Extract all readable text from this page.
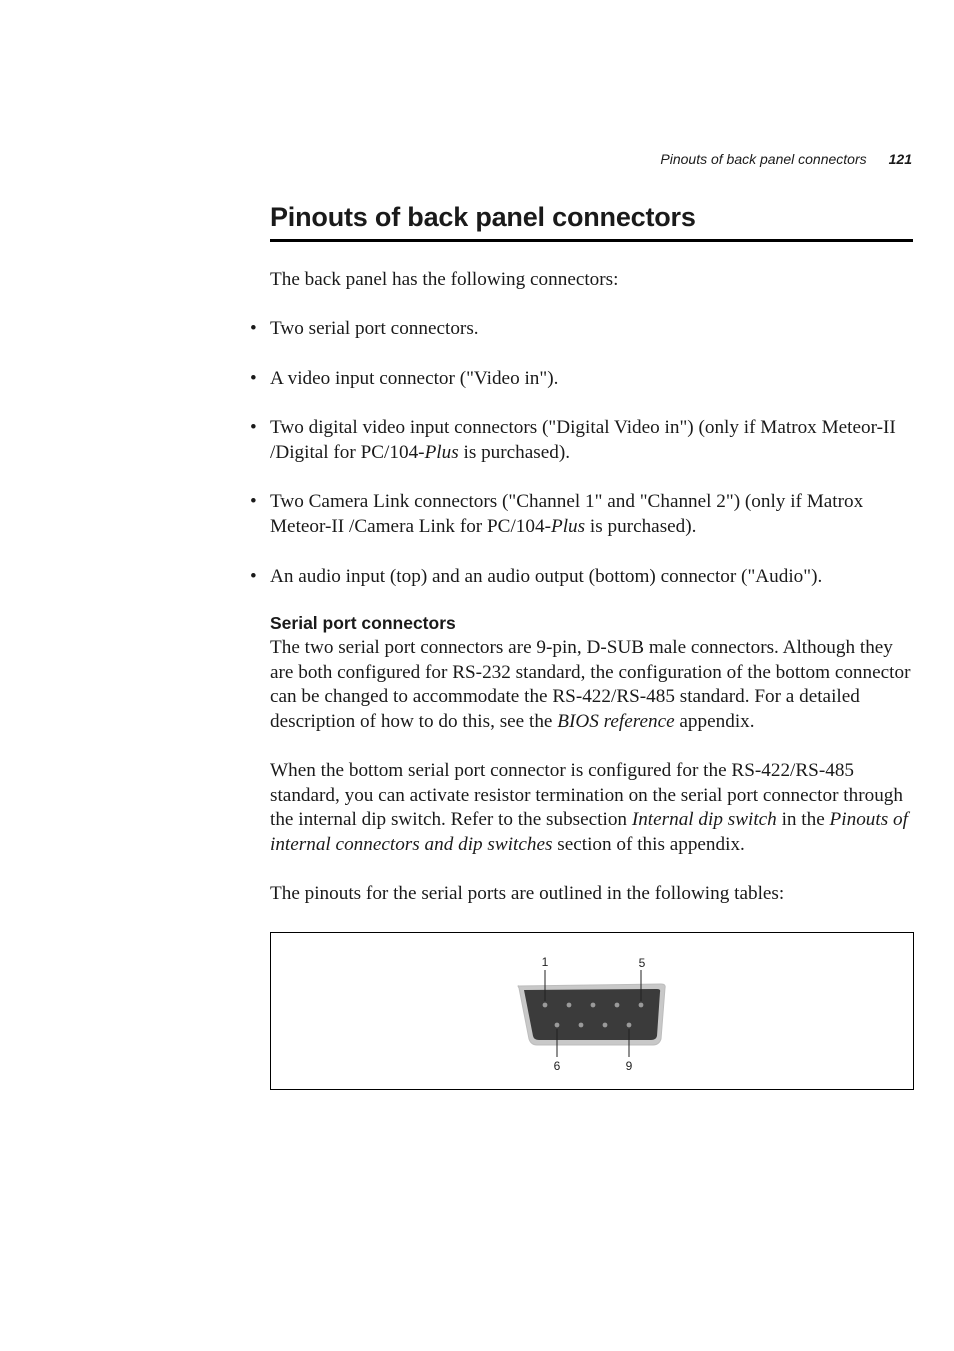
Pinouts of back panel connectors 121
Pinouts of back panel connectors

The back panel has the following connectors:

• Two serial port connectors.
• A video input connector ("Video in").
• Two digital video input connectors ("Digital Video in") (only if Matrox Meteor-II /Digital for PC/104-Plus is purchased).
• Two Camera Link connectors ("Channel 1" and "Channel 2") (only if Matrox Meteor-II /Camera Link for PC/104-Plus is purchased).
• An audio input (top) and an audio output (bottom) connector ("Audio").
Serial port connectors

The two serial port connectors are 9-pin, D-SUB male connectors. Although they are both configured for RS-232 standard, the configuration of the bottom connector can be changed to accommodate the RS-422/RS-485 standard. For a detailed description of how to do this, see the BIOS reference appendix.

When the bottom serial port connector is configured for the RS-422/RS-485 standard, you can activate resistor termination on the serial port connector through the internal dip switch. Refer to the subsection Internal dip switch in the Pinouts of internal connectors and dip switches section of this appendix.

The pinouts for the serial ports are outlined in the following tables:

1	5
6	9
